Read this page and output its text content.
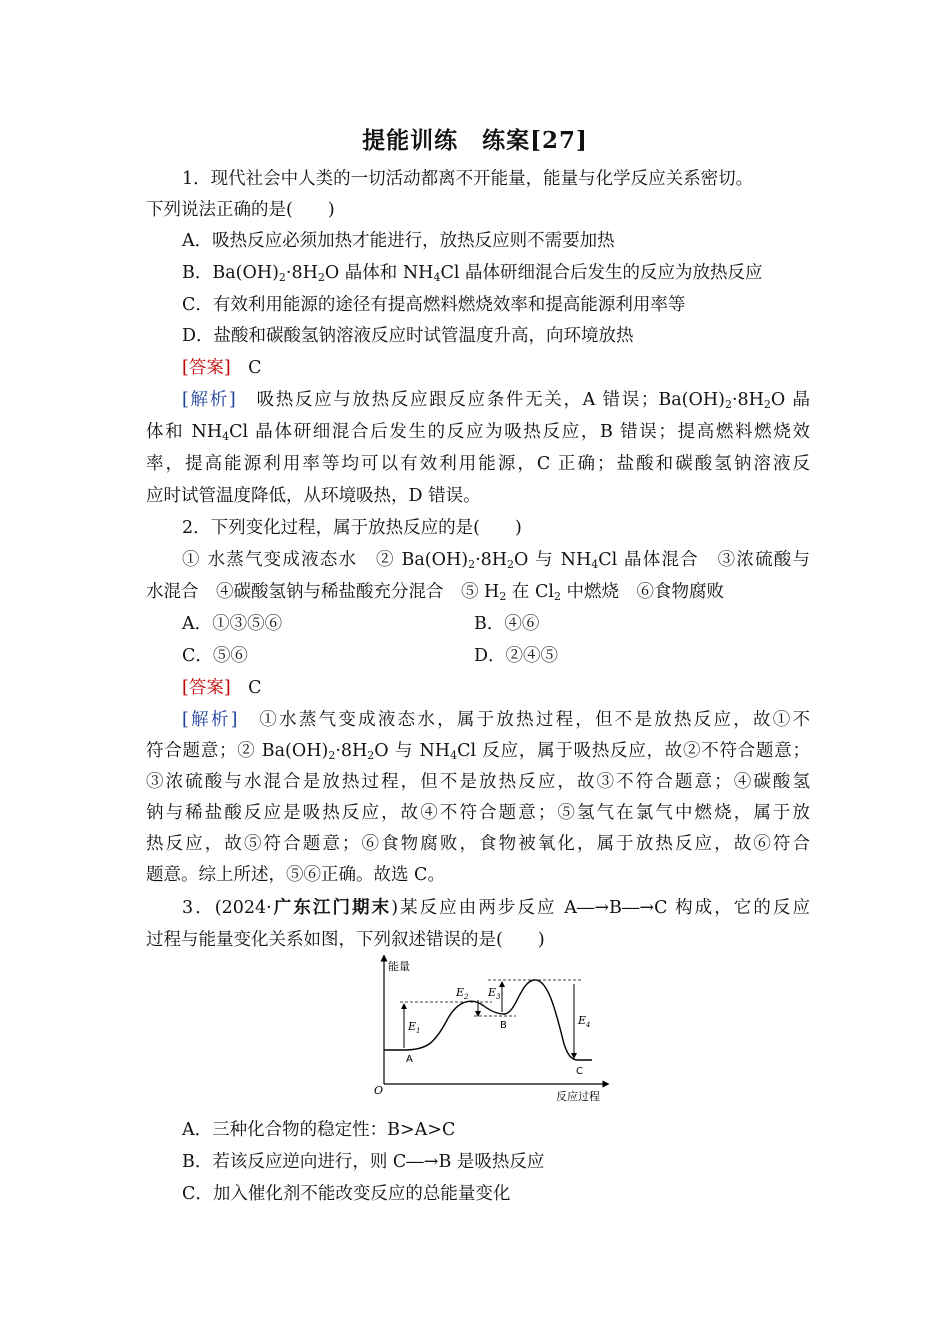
提能训练　练案[27]
1．现代社会中人类的一切活动都离不开能量，能量与化学反应关系密切。
下列说法正确的是(　　)
A．吸热反应必须加热才能进行，放热反应则不需要加热
B．$Ba(OH)_2\cdot 8H_2O$ 晶体和 $NH_4Cl$ 晶体研细混合后发生的反应为放热反应
C．有效利用能源的途径有提高燃料燃烧效率和提高能源利用率等
D．盐酸和碳酸氢钠溶液反应时试管温度升高，向环境放热
[答案]　 C
[解析]　 吸热反应与放热反应跟反应条件无关，A 错误；$Ba(OH)_2\cdot 8H_2O$ 晶
体和 $NH_4Cl$ 晶体研细混合后发生的反应为吸热反应，B 错误；提高燃料燃烧效
率，提高能源利用率等均可以有效利用能源，C 正确；盐酸和碳酸氢钠溶液反
应时试管温度降低，从环境吸热，D 错误。
2．下列变化过程，属于放热反应的是(　　)
① 水蒸气变成液态水　② $Ba(OH)_2\cdot 8H_2O$ 与 $NH_4Cl$ 晶体混合　③浓硫酸与
水混合　④碳酸氢钠与稀盐酸充分混合　⑤ $H_2$ 在 $Cl_2$ 中燃烧　⑥食物腐败
A．①③⑤⑥	B．④⑥
C．⑤⑥	D．②④⑤
[答案]　 C
[解析]　 ①水蒸气变成液态水，属于放热过程，但不是放热反应，故①不
符合题意；② $Ba(OH)_2\cdot 8H_2O$ 与 $NH_4Cl$ 反应，属于吸热反应，故②不符合题意；
③浓硫酸与水混合是放热过程，但不是放热反应，故③不符合题意；④碳酸氢
钠与稀盐酸反应是吸热反应，故④不符合题意；⑤氢气在氯气中燃烧，属于放
热反应，故⑤符合题意；⑥食物腐败，食物被氧化，属于放热反应，故⑥符合
题意。综上所述，⑤⑥正确。故选 C。
3．(2024·广东江门期末)某反应由两步反应 A―→B―→C 构成，它的反应
过程与能量变化关系如图，下列叙述错误的是(　　)
能量
反应过程
O
$E_1$
$E_2$ $E_3$
$E_4$
A
B
C
A．三种化合物的稳定性：B>A>C
B．若该反应逆向进行，则 C―→B 是吸热反应
C．加入催化剂不能改变反应的总能量变化
